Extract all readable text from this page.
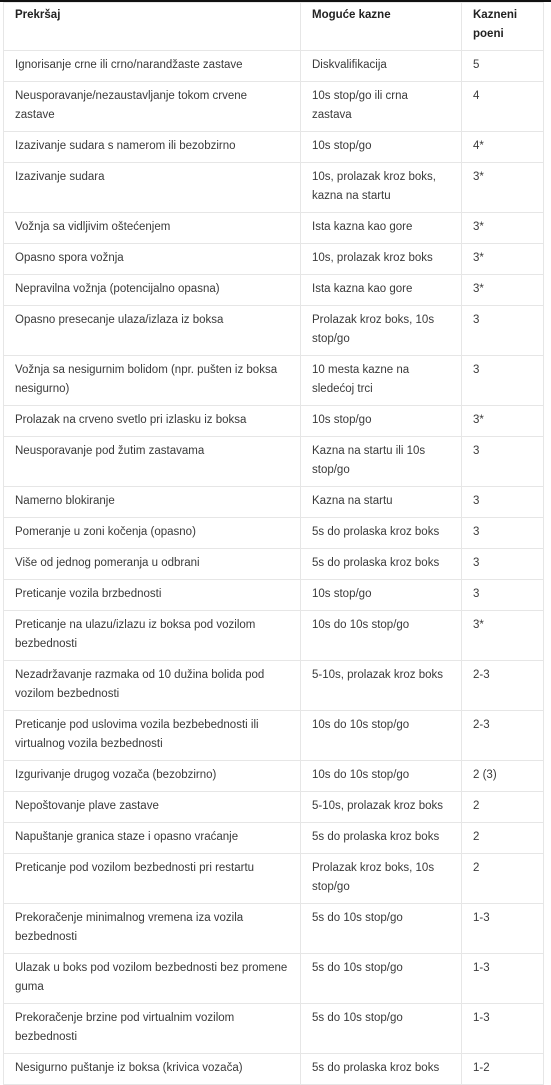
Prekršaj	Moguće kazne	Kazneni poeni
Ignorisanje crne ili crno/narandžaste zastave	Diskvalifikacija	5
Neusporavanje/nezaustavljanje tokom crvene zastave	10s stop/go ili crna zastava	4
Izazivanje sudara s namerom ili bezobzirno	10s stop/go	4*
Izazivanje sudara	10s, prolazak kroz boks, kazna na startu	3*
Vožnja sa vidljivim oštećenjem	Ista kazna kao gore	3*
Opasno spora vožnja	10s, prolazak kroz boks	3*
Nepravilna vožnja (potencijalno opasna)	Ista kazna kao gore	3*
Opasno presecanje ulaza/izlaza iz boksa	Prolazak kroz boks, 10s stop/go	3
Vožnja sa nesigurnim bolidom (npr. pušten iz boksa nesigurno)	10 mesta kazne na sledećoj trci	3
Prolazak na crveno svetlo pri izlasku iz boksa	10s stop/go	3*
Neusporavanje pod žutim zastavama	Kazna na startu ili 10s stop/go	3
Namerno blokiranje	Kazna na startu	3
Pomeranje u zoni kočenja (opasno)	5s do prolaska kroz boks	3
Više od jednog pomeranja u odbrani	5s do prolaska kroz boks	3
Preticanje vozila brzbednosti	10s stop/go	3
Preticanje na ulazu/izlazu iz boksa pod vozilom bezbednosti	10s do 10s stop/go	3*
Nezadržavanje razmaka od 10 dužina bolida pod vozilom bezbednosti	5-10s, prolazak kroz boks	2-3
Preticanje pod uslovima vozila bezbebednosti ili virtualnog vozila bezbednosti	10s do 10s stop/go	2-3
Izgurivanje drugog vozača (bezobzirno)	10s do 10s stop/go	2 (3)
Nepoštovanje plave zastave	5-10s, prolazak kroz boks	2
Napuštanje granica staze i opasno vraćanje	5s do prolaska kroz boks	2
Preticanje pod vozilom bezbednosti pri restartu	Prolazak kroz boks, 10s stop/go	2
Prekoračenje minimalnog vremena iza vozila bezbednosti	5s do 10s stop/go	1-3
Ulazak u boks pod vozilom bezbednosti bez promene guma	5s do 10s stop/go	1-3
Prekoračenje brzine pod virtualnim vozilom bezbednosti	5s do 10s stop/go	1-3
Nesigurno puštanje iz boksa (krivica vozača)	5s do prolaska kroz boks	1-2
